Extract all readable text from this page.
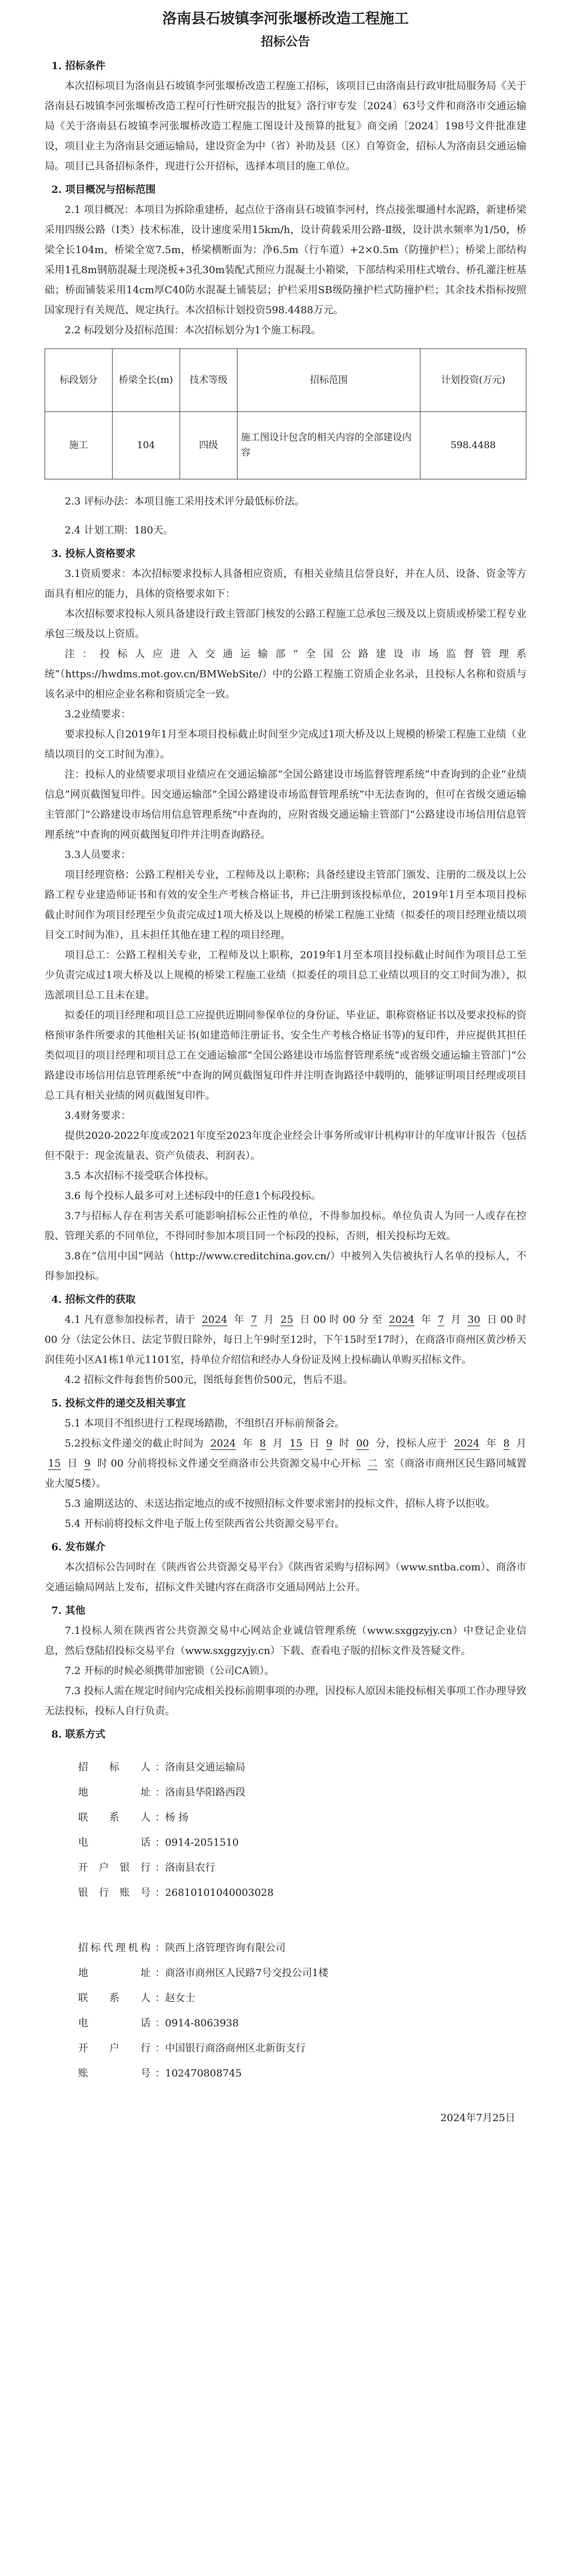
洛南县石坡镇李河张堰桥改造工程施工
招标公告
1. 招标条件

本次招标项目为洛南县石坡镇李河张堰桥改造工程施工招标，该项目已由洛南县行政审批局服务局《关于洛南县石坡镇李河张堰桥改造工程可行性研究报告的批复》洛行审专发〔2024〕63号文件和商洛市交通运输局《关于洛南县石坡镇李河张堰桥改造工程施工图设计及预算的批复》商交函〔2024〕198号文件批准建设，项目业主为洛南县交通运输局，建设资金为中（省）补助及县（区）自筹资金，招标人为洛南县交通运输局。项目已具备招标条件，现进行公开招标，选择本项目的施工单位。

2. 项目概况与招标范围

2.1 项目概况：本项目为拆除重建桥，起点位于洛南县石坡镇李河村，终点接张堰通村水泥路，新建桥梁采用四级公路（Ⅰ类）技术标准，设计速度采用15km/h，设计荷载采用公路-Ⅱ级，设计洪水频率为1/50，桥梁全长104m，桥梁全宽7.5m，桥梁横断面为：净6.5m（行车道）+2×0.5m（防撞护栏）；桥梁上部结构采用1孔8m钢筋混凝土现浇板+3孔30m装配式预应力混凝土小箱梁，下部结构采用柱式墩台、桥孔灌注桩基础；桥面铺装采用14cm厚C40防水混凝土铺装层；护栏采用SB级防撞护栏式防撞护栏；其余技术指标按照国家现行有关规范、规定执行。本次招标计划投资598.4488万元。

2.2 标段划分及招标范围：本次招标划分为1个施工标段。

标段划分	桥梁全长(m)	技术等级	招标范围	计划投资(万元)
施工	104	四级	施工图设计包含的相关内容的全部建设内容	598.4488

2.3 评标办法：本项目施工采用技术评分最低标价法。

2.4 计划工期：180天。

3. 投标人资格要求

3.1资质要求：本次招标要求投标人具备相应资质，有相关业绩且信誉良好，并在人员、设备、资金等方面具有相应的能力，具体的资格要求如下：

本次招标要求投标人须具备建设行政主管部门核发的公路工程施工总承包三级及以上资质或桥梁工程专业承包三级及以上资质。

注：投标人应进入交通运输部“全国公路建设市场监督管理系统”（https://hwdms.mot.gov.cn/BMWebSite/）中的公路工程施工资质企业名录，且投标人名称和资质与该名录中的相应企业名称和资质完全一致。

3.2业绩要求：

要求投标人自2019年1月至本项目投标截止时间至少完成过1项大桥及以上规模的桥梁工程施工业绩（业绩以项目的交工时间为准）。

注：投标人的业绩要求项目业绩应在交通运输部“全国公路建设市场监督管理系统”中查询到的企业“业绩信息”网页截图复印件。因交通运输部“全国公路建设市场监督管理系统”中无法查询的，但可在省级交通运输主管部门“公路建设市场信用信息管理系统”中查询的，应附省级交通运输主管部门“公路建设市场信用信息管理系统”中查询的网页截图复印件并注明查询路径。

3.3人员要求：

项目经理资格：公路工程相关专业，工程师及以上职称；具备经建设主管部门颁发、注册的二级及以上公路工程专业建造师证书和有效的安全生产考核合格证书，并已注册到该投标单位，2019年1月至本项目投标截止时间作为项目经理至少负责完成过1项大桥及以上规模的桥梁工程施工业绩（拟委任的项目经理业绩以项目交工时间为准），且未担任其他在建工程的项目经理。

项目总工：公路工程相关专业，工程师及以上职称，2019年1月至本项目投标截止时间作为项目总工至少负责完成过1项大桥及以上规模的桥梁工程施工业绩（拟委任的项目总工业绩以项目的交工时间为准），拟选派项目总工且未在建。

拟委任的项目经理和项目总工应提供近期同参保单位的身份证、毕业证、职称资格证书以及要求投标的资格预审条件所要求的其他相关证书(如建造师注册证书、安全生产考核合格证书等)的复印件，并应提供其担任类似项目的项目经理和项目总工在交通运输部“全国公路建设市场监督管理系统”或省级交通运输主管部门“公路建设市场信用信息管理系统”中查询的网页截图复印件并注明查询路径中载明的，能够证明项目经理或项目总工具有相关业绩的网页截图复印件。

3.4财务要求：

提供2020-2022年度或2021年度至2023年度企业经会计事务所或审计机构审计的年度审计报告（包括但不限于：现金流量表、资产负债表、利润表）。

3.5 本次招标不接受联合体投标。

3.6 每个投标人最多可对上述标段中的任意1个标段投标。

3.7与招标人存在利害关系可能影响招标公正性的单位，不得参加投标。单位负责人为同一人或存在控股、管理关系的不同单位，不得同时参加本项目同一个标段的投标，否则，相关投标均无效。

3.8在“信用中国”网站（http://www.creditchina.gov.cn/）中被列入失信被执行人名单的投标人，不得参加投标。

4. 招标文件的获取

4.1 凡有意参加投标者，请于 2024 年 7 月 25 日 00 时 00 分 至 2024 年 7 月 30 日 00 时 00 分（法定公休日、法定节假日除外，每日上午9时至12时，下午15时至17时），在商洛市商州区黄沙桥天润佳苑小区A1栋1单元1101室，持单位介绍信和经办人身份证及网上投标确认单购买招标文件。

4.2 招标文件每套售价500元，图纸每套售价500元，售后不退。

5. 投标文件的递交及相关事宜

5.1 本项目不组织进行工程现场踏勘，不组织召开标前预备会。

5.2投标文件递交的截止时间为 2024 年 8 月 15 日 9 时 00 分，投标人应于 2024 年 8 月 15 日 9 时 00 分前将投标文件递交至商洛市公共资源交易中心开标 二 室（商洛市商州区民生路同城置业大厦5楼）。

5.3 逾期送达的、未送达指定地点的或不按照招标文件要求密封的投标文件，招标人将予以拒收。

5.4 开标前将投标文件电子版上传至陕西省公共资源交易平台。

6. 发布媒介

本次招标公告同时在《陕西省公共资源交易平台》《陕西省采购与招标网》（www.sntba.com）、商洛市交通运输局网站上发布，招标文件关键内容在商洛市交通局网站上公开。

7. 其他

7.1投标人须在陕西省公共资源交易中心网站企业诚信管理系统（www.sxggzyjy.cn）中登记企业信息，然后登陆招投标交易平台（www.sxggzyjy.cn）下载、查看电子版的招标文件及答疑文件。

7.2 开标的时候必须携带加密锁（公司CA锁）。

7.3 投标人需在规定时间内完成相关投标前期事项的办理，因投标人原因未能投标相关事项工作办理导致无法投标，投标人自行负责。

8. 联系方式

招 标 人 ：洛南县交通运输局

地 址 ：洛南县华阳路西段

联 系 人 ：杨 扬

电 话 ：0914-2051510

开户银行 ：洛南县农行

银行账号 ：26810101040003028

招标代理机构 ：陕西上洛管理咨询有限公司

地 址 ：商洛市商州区人民路7号交投公司1楼

联 系 人 ：赵女士

电 话 ：0914-8063938

开户行 ：中国银行商洛商州区北新街支行

账 号 ：102470808745

2024年7月25日
